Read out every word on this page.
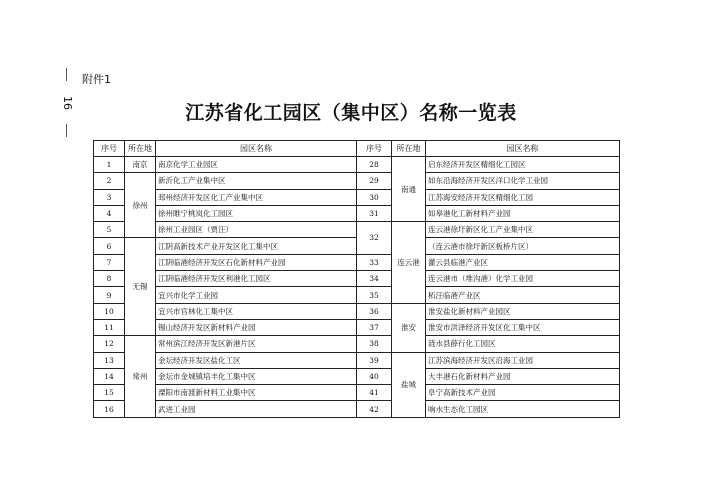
16
附件1
江苏省化工园区（集中区）名称一览表
序号	所在地	园区名称	序号	所在地	园区名称
1	南京	南京化学工业园区	28	南通	启东经济开发区精细化工园区
2	徐州	新沂化工产业集中区	29		如东沿海经济开发区洋口化学工业园
3		邳州经济开发区化工产业集中区	30		江苏海安经济开发区精细化工园
4		徐州睢宁桃岚化工园区	31		如皋港化工新材料产业园
5		徐州工业园区（贾汪）	32	连云港	连云港徐圩新区化工产业集中区
6	无锡	江阴高新技术产业开发区化工集中区			（连云港市徐圩新区板桥片区）
7		江阴临港经济开发区石化新材料产业园	33		灌云县临港产业区
8		江阴临港经济开发区利港化工园区	34		连云港市（堆沟港）化学工业园
9		宜兴市化学工业园	35		柘汪临港产业区
10		宜兴市官林化工集中区	36	淮安	淮安盐化新材料产业园区
11		锡山经济开发区新材料产业园	37		淮安市洪泽经济开发区化工集中区
12	常州	常州滨江经济开发区新港片区	38		涟水县薛行化工园区
13		金坛经济开发区盐化工区	39	盐城	江苏滨海经济开发区沿海工业园
14		金坛市金城镇培丰化工集中区	40		大丰港石化新材料产业园
15		溧阳市南渡新材料工业集中区	41		阜宁高新技术产业园
16		武进工业园	42		响水生态化工园区
